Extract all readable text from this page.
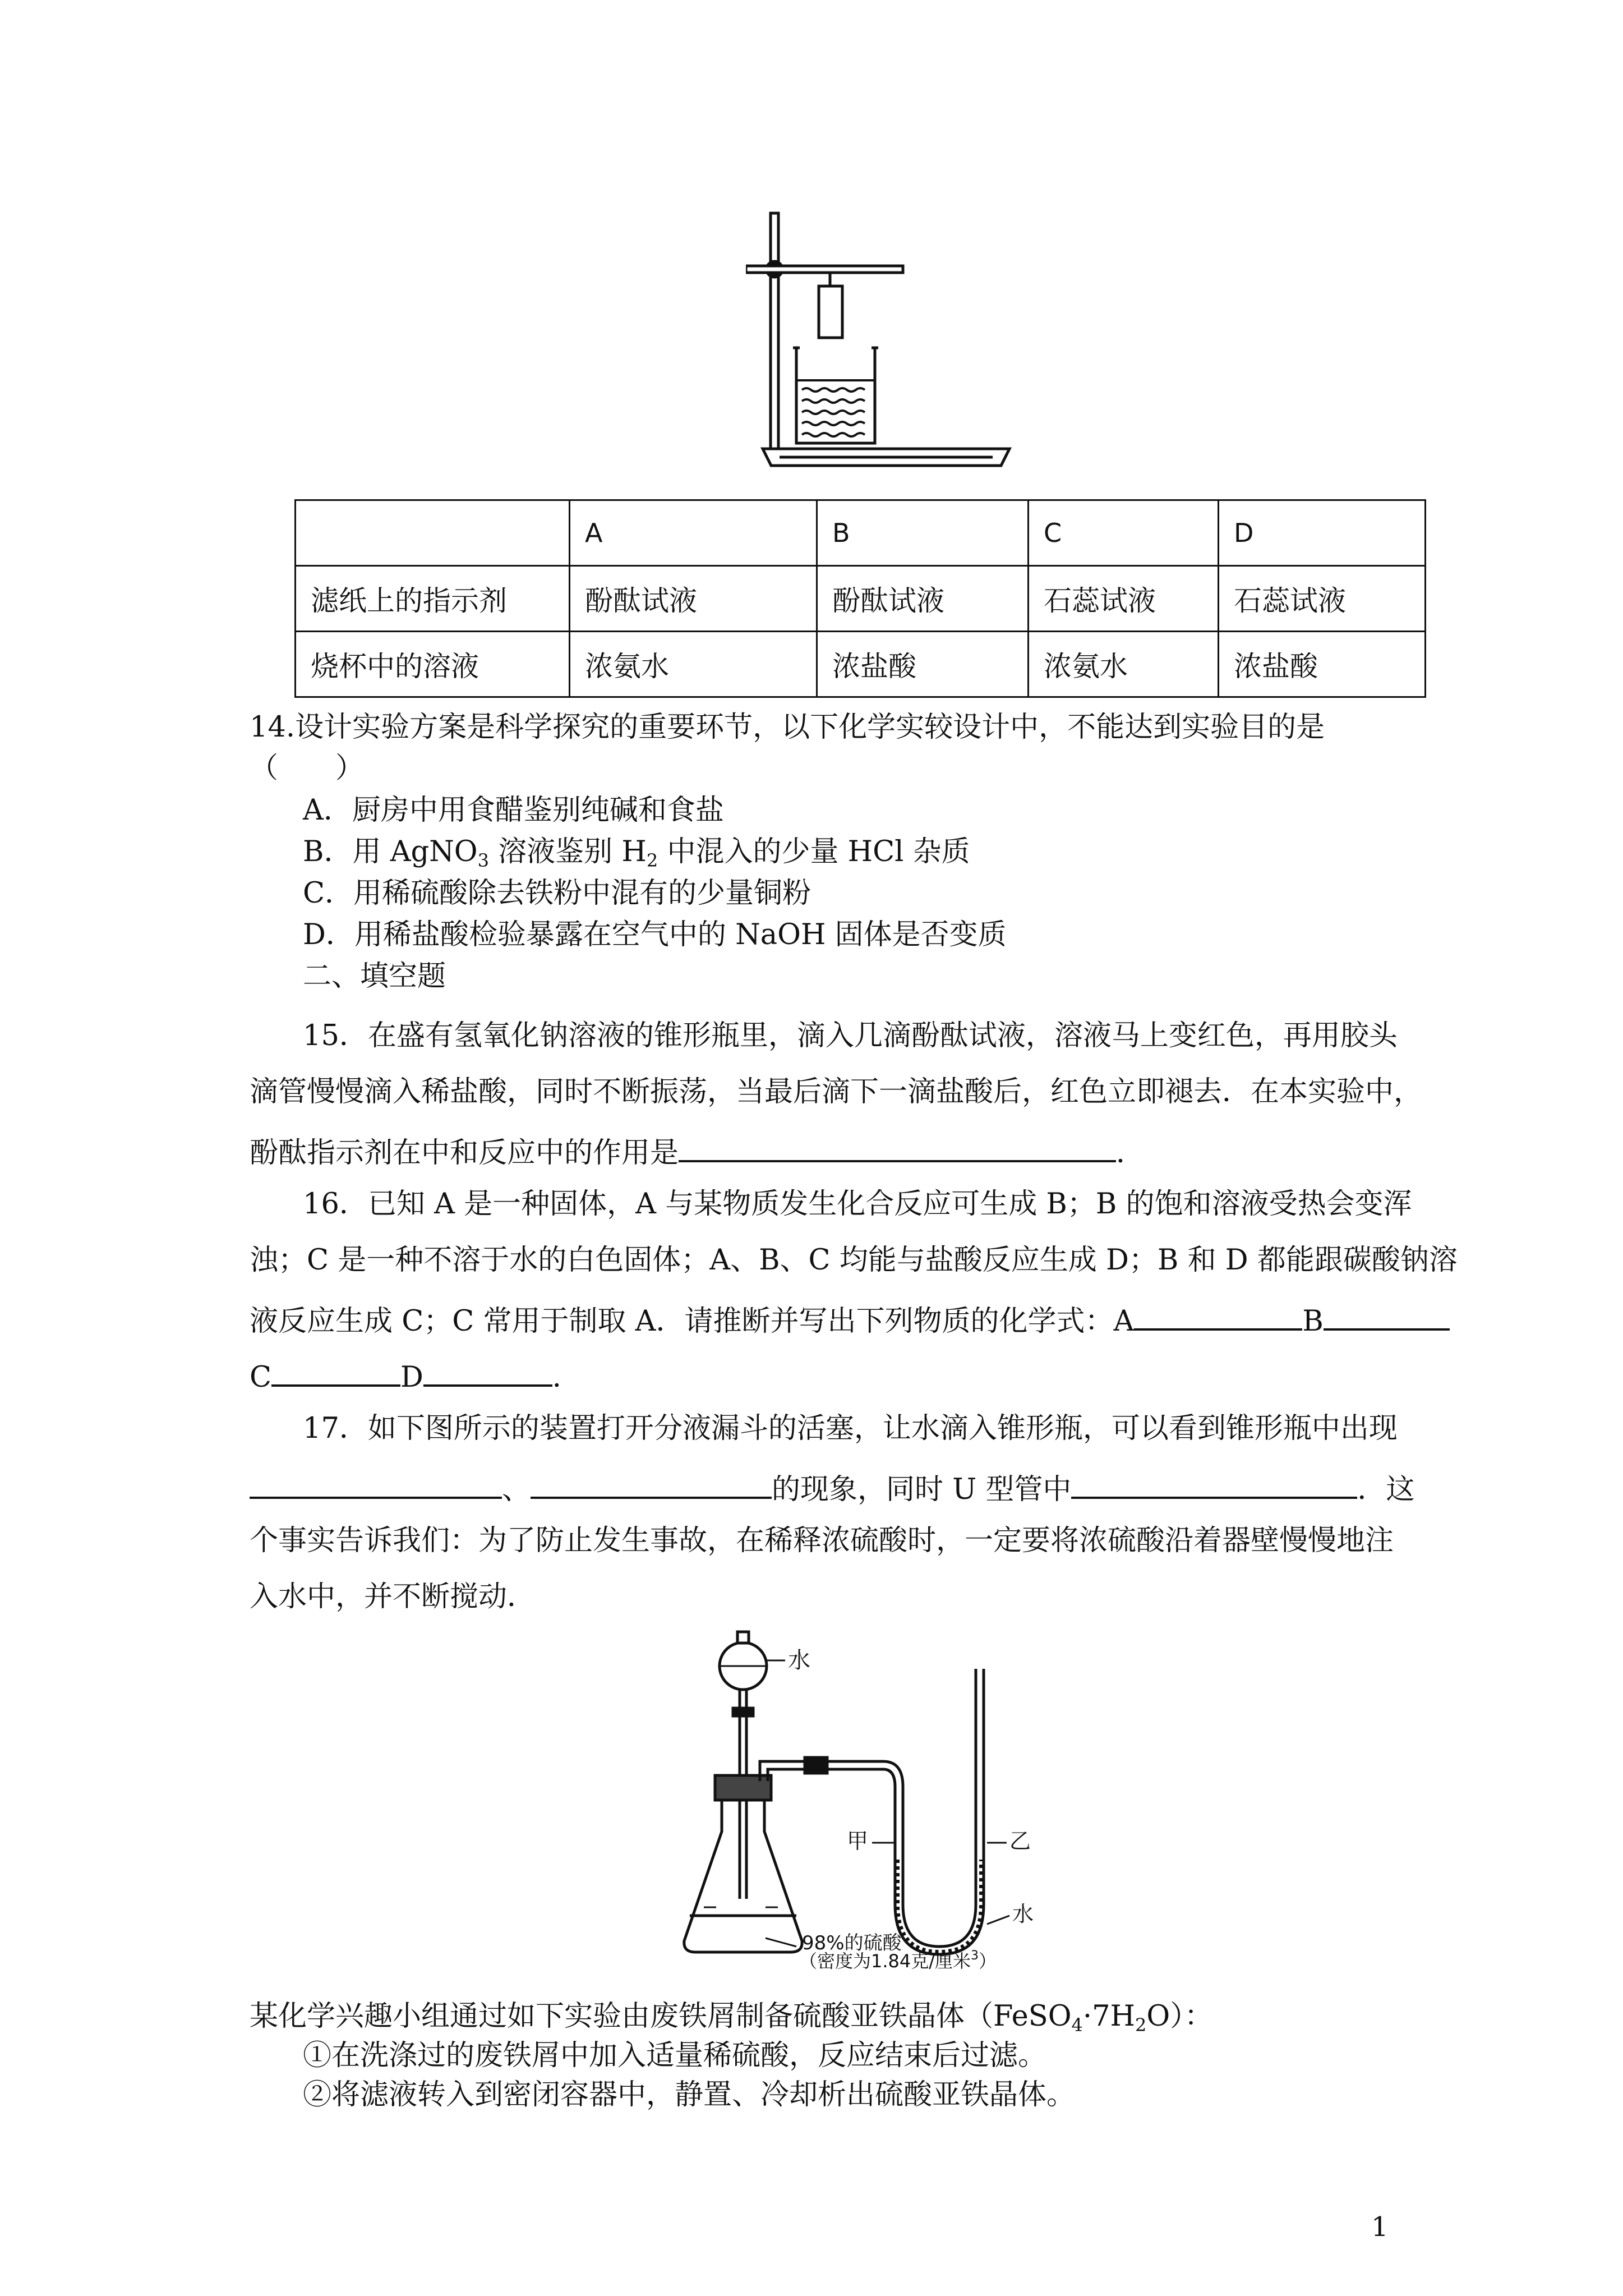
	A	B	C	D
滤纸上的指示剂	酚酞试液	酚酞试液	石蕊试液	石蕊试液
烧杯中的溶液	浓氨水	浓盐酸	浓氨水	浓盐酸
14.设计实验方案是科学探究的重要环节，以下化学实较设计中，不能达到实验目的是
（　　）
A．厨房中用食醋鉴别纯碱和食盐
B．用 AgNO$_3$ 溶液鉴别 $H_2$ 中混入的少量 HCl 杂质
C．用稀硫酸除去铁粉中混有的少量铜粉
D．用稀盐酸检验暴露在空气中的 NaOH 固体是否变质
二、填空题
15．在盛有氢氧化钠溶液的锥形瓶里，滴入几滴酚酞试液，溶液马上变红色，再用胶头
滴管慢慢滴入稀盐酸，同时不断振荡，当最后滴下一滴盐酸后，红色立即褪去．在本实验中，
酚酞指示剂在中和反应中的作用是	．
16．已知 A 是一种固体，A 与某物质发生化合反应可生成 B；B 的饱和溶液受热会变浑
浊；C 是一种不溶于水的白色固体；A、B、C 均能与盐酸反应生成 D；B 和 D 都能跟碳酸钠溶
液反应生成 C；C 常用于制取 A．请推断并写出下列物质的化学式：A	B
C	D	．
17．如下图所示的装置打开分液漏斗的活塞，让水滴入锥形瓶，可以看到锥形瓶中出现
、	的现象，同时 U 型管中	．这
个事实告诉我们：为了防止发生事故，在稀释浓硫酸时，一定要将浓硫酸沿着器壁慢慢地注
入水中，并不断搅动．
水
甲	乙
水
98%的硫酸
（密度为1.84克/厘米$^3$）
某化学兴趣小组通过如下实验由废铁屑制备硫酸亚铁晶体$(FeSO_4\cdot 7H_2O)$：
①在洗涤过的废铁屑中加入适量稀硫酸，反应结束后过滤。
②将滤液转入到密闭容器中，静置、冷却析出硫酸亚铁晶体。
1
